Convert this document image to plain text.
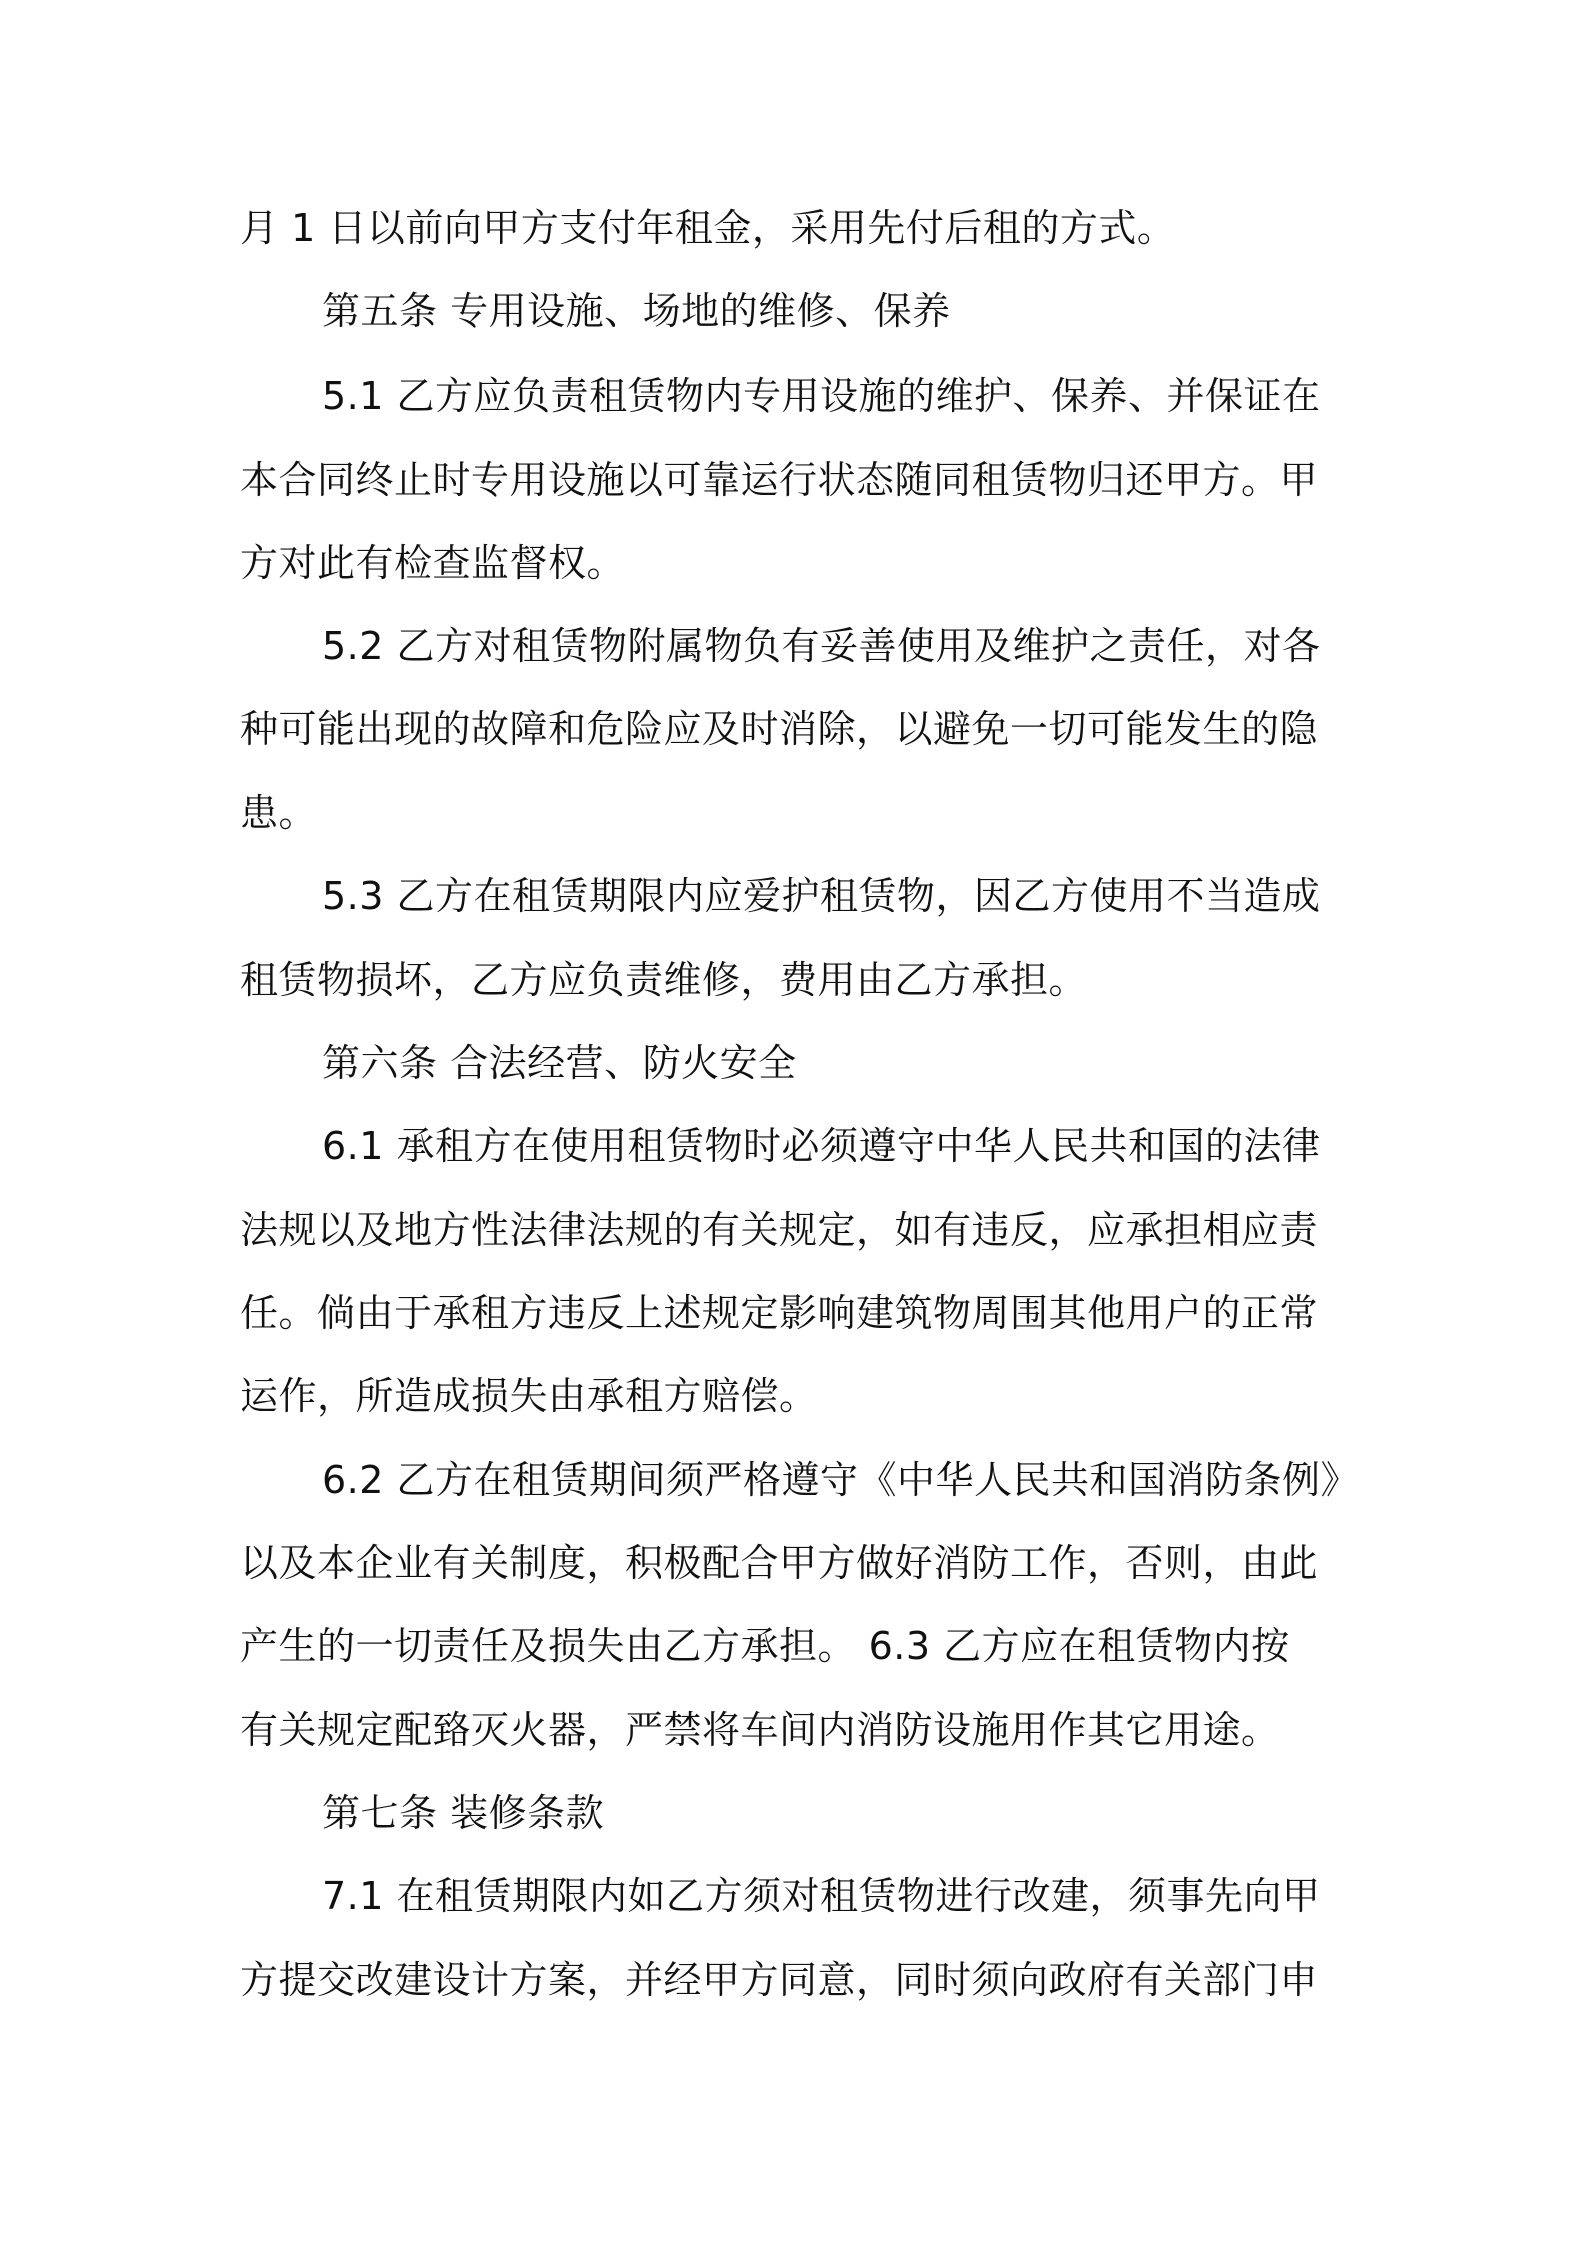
月 1 日以前向甲方支付年租金，采用先付后租的方式。
第五条 专用设施、场地的维修、保养
5.1 乙方应负责租赁物内专用设施的维护、保养、并保证在
本合同终止时专用设施以可靠运行状态随同租赁物归还甲方。甲
方对此有检查监督权。
5.2 乙方对租赁物附属物负有妥善使用及维护之责任，对各
种可能出现的故障和危险应及时消除，以避免一切可能发生的隐
患。
5.3 乙方在租赁期限内应爱护租赁物，因乙方使用不当造成
租赁物损坏，乙方应负责维修，费用由乙方承担。
第六条 合法经营、防火安全
6.1 承租方在使用租赁物时必须遵守中华人民共和国的法律
法规以及地方性法律法规的有关规定，如有违反，应承担相应责
任。倘由于承租方违反上述规定影响建筑物周围其他用户的正常
运作，所造成损失由承租方赔偿。
6.2 乙方在租赁期间须严格遵守《中华人民共和国消防条例》
以及本企业有关制度，积极配合甲方做好消防工作，否则，由此
产生的一切责任及损失由乙方承担。 6.3 乙方应在租赁物内按
有关规定配臵灭火器，严禁将车间内消防设施用作其它用途。
第七条 装修条款
7.1 在租赁期限内如乙方须对租赁物进行改建，须事先向甲
方提交改建设计方案，并经甲方同意，同时须向政府有关部门申
